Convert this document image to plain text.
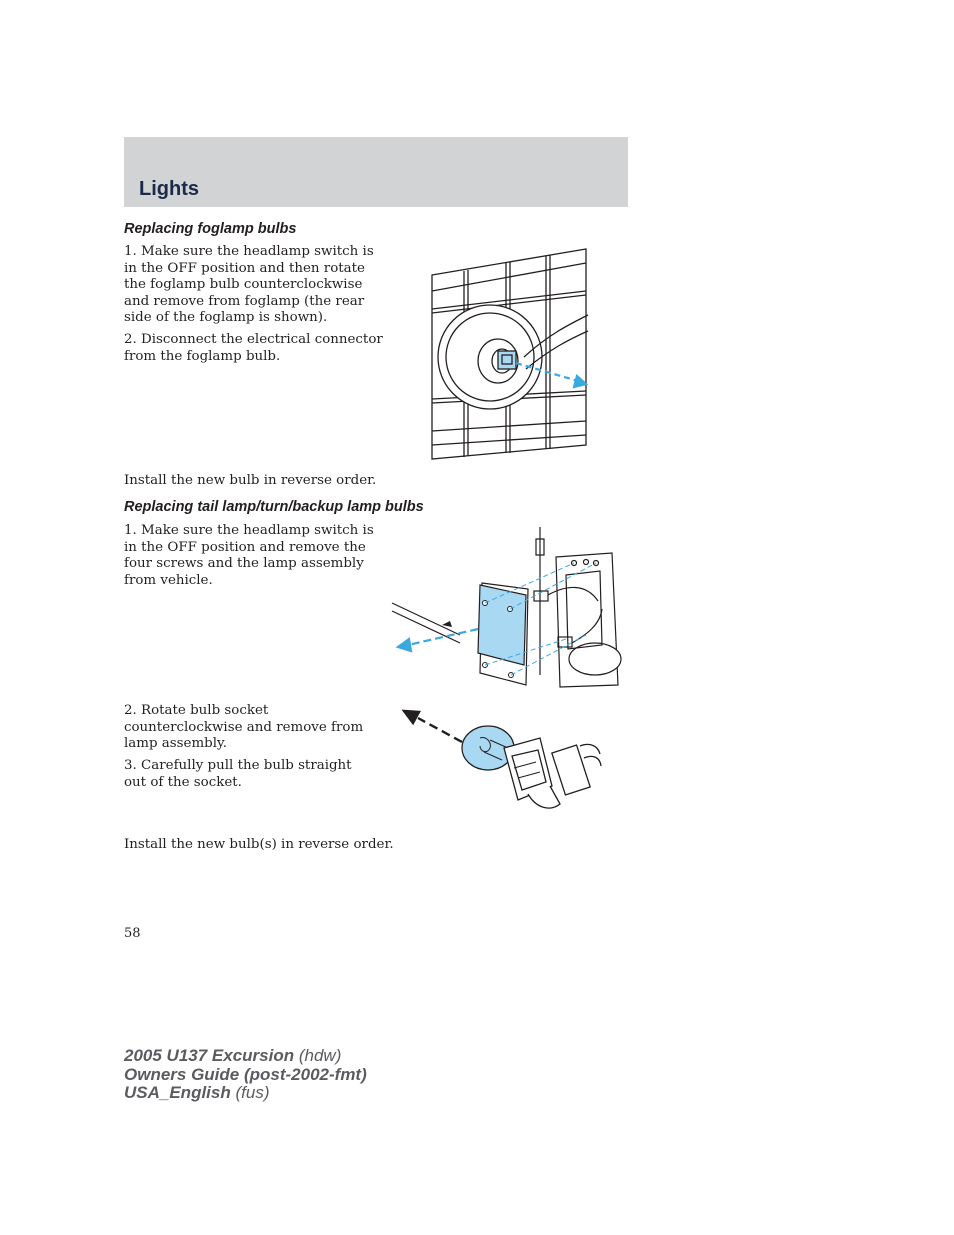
Lights
Replacing foglamp bulbs

1. Make sure the headlamp switch is in the OFF position and then rotate the foglamp bulb counterclockwise and remove from foglamp (the rear side of the foglamp is shown).

2. Disconnect the electrical connector from the foglamp bulb.

Install the new bulb in reverse order.

Replacing tail lamp/turn/backup lamp bulbs

1. Make sure the headlamp switch is in the OFF position and remove the four screws and the lamp assembly from vehicle.

2. Rotate bulb socket counterclockwise and remove from lamp assembly.

3. Carefully pull the bulb straight out of the socket.

Install the new bulb(s) in reverse order.

58
2005 U137 Excursion (hdw)
Owners Guide (post-2002-fmt)
USA_English (fus)
